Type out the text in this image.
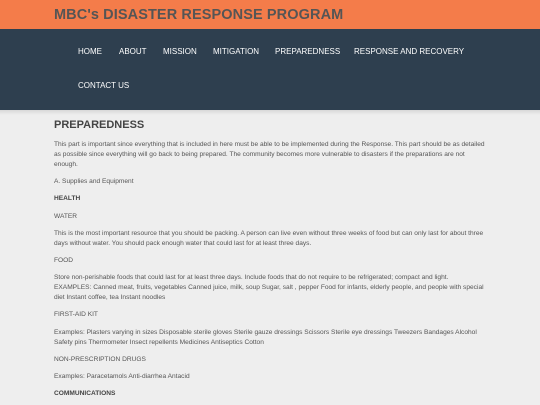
MBC's DISASTER RESPONSE PROGRAM
HOME ABOUT MISSION MITIGATION PREPAREDNESS RESPONSE AND RECOVERY
CONTACT US
PREPAREDNESS

This part is important since everything that is included in here must be able to be implemented during the Response. This part should be as detailed as possible since everything will go back to being prepared. The community becomes more vulnerable to disasters if the preparations are not enough.

A. Supplies and Equipment

HEALTH

WATER

This is the most important resource that you should be packing. A person can live even without three weeks of food but can only last for about three days without water. You should pack enough water that could last for at least three days.

FOOD

Store non-perishable foods that could last for at least three days. Include foods that do not require to be refrigerated; compact and light. EXAMPLES: Canned meat, fruits, vegetables Canned juice, milk, soup Sugar, salt , pepper Food for infants, elderly people, and people with special diet Instant coffee, tea Instant noodles

FIRST-AID KIT

Examples: Plasters varying in sizes Disposable sterile gloves Sterile gauze dressings Scissors Sterile eye dressings Tweezers Bandages Alcohol Safety pins Thermometer Insect repellents Medicines Antiseptics Cotton

NON-PRESCRIPTION DRUGS

Examples: Paracetamols Anti-diarrhea Antacid

COMMUNICATIONS
